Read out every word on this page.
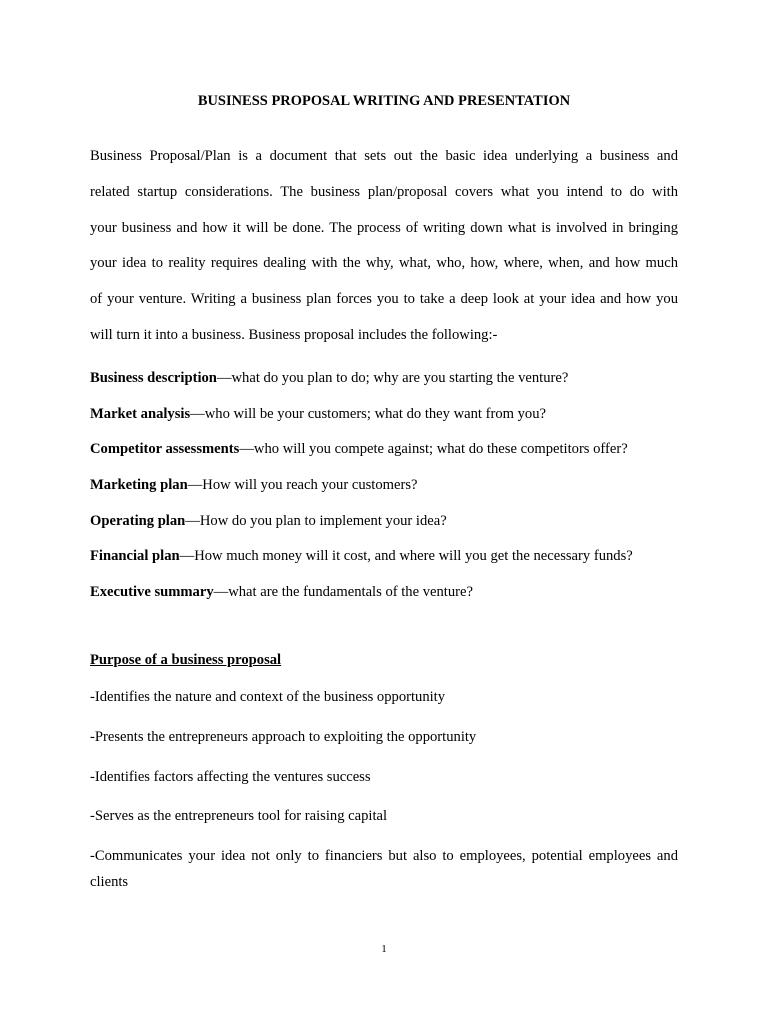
BUSINESS PROPOSAL WRITING AND PRESENTATION
Business Proposal/Plan is a document that sets out the basic idea underlying a business and
related startup considerations. The business plan/proposal covers what you intend to do with
your business and how it will be done. The process of writing down what is involved in bringing
your idea to reality requires dealing with the why, what, who, how, where, when, and how much
of your venture. Writing a business plan forces you to take a deep look at your idea and how you
will turn it into a business. Business proposal includes the following:-
Business description—what do you plan to do; why are you starting the venture?
Market analysis—who will be your customers; what do they want from you?
Competitor assessments—who will you compete against; what do these competitors offer?
Marketing plan—How will you reach your customers?
Operating plan—How do you plan to implement your idea?
Financial plan—How much money will it cost, and where will you get the necessary funds?
Executive summary—what are the fundamentals of the venture?
Purpose of a business proposal
-Identifies the nature and context of the business opportunity
-Presents the entrepreneurs approach to exploiting the opportunity
-Identifies factors affecting the ventures success
-Serves as the entrepreneurs tool for raising capital
-Communicates your idea not only to financiers but also to employees, potential employees and clients
1
